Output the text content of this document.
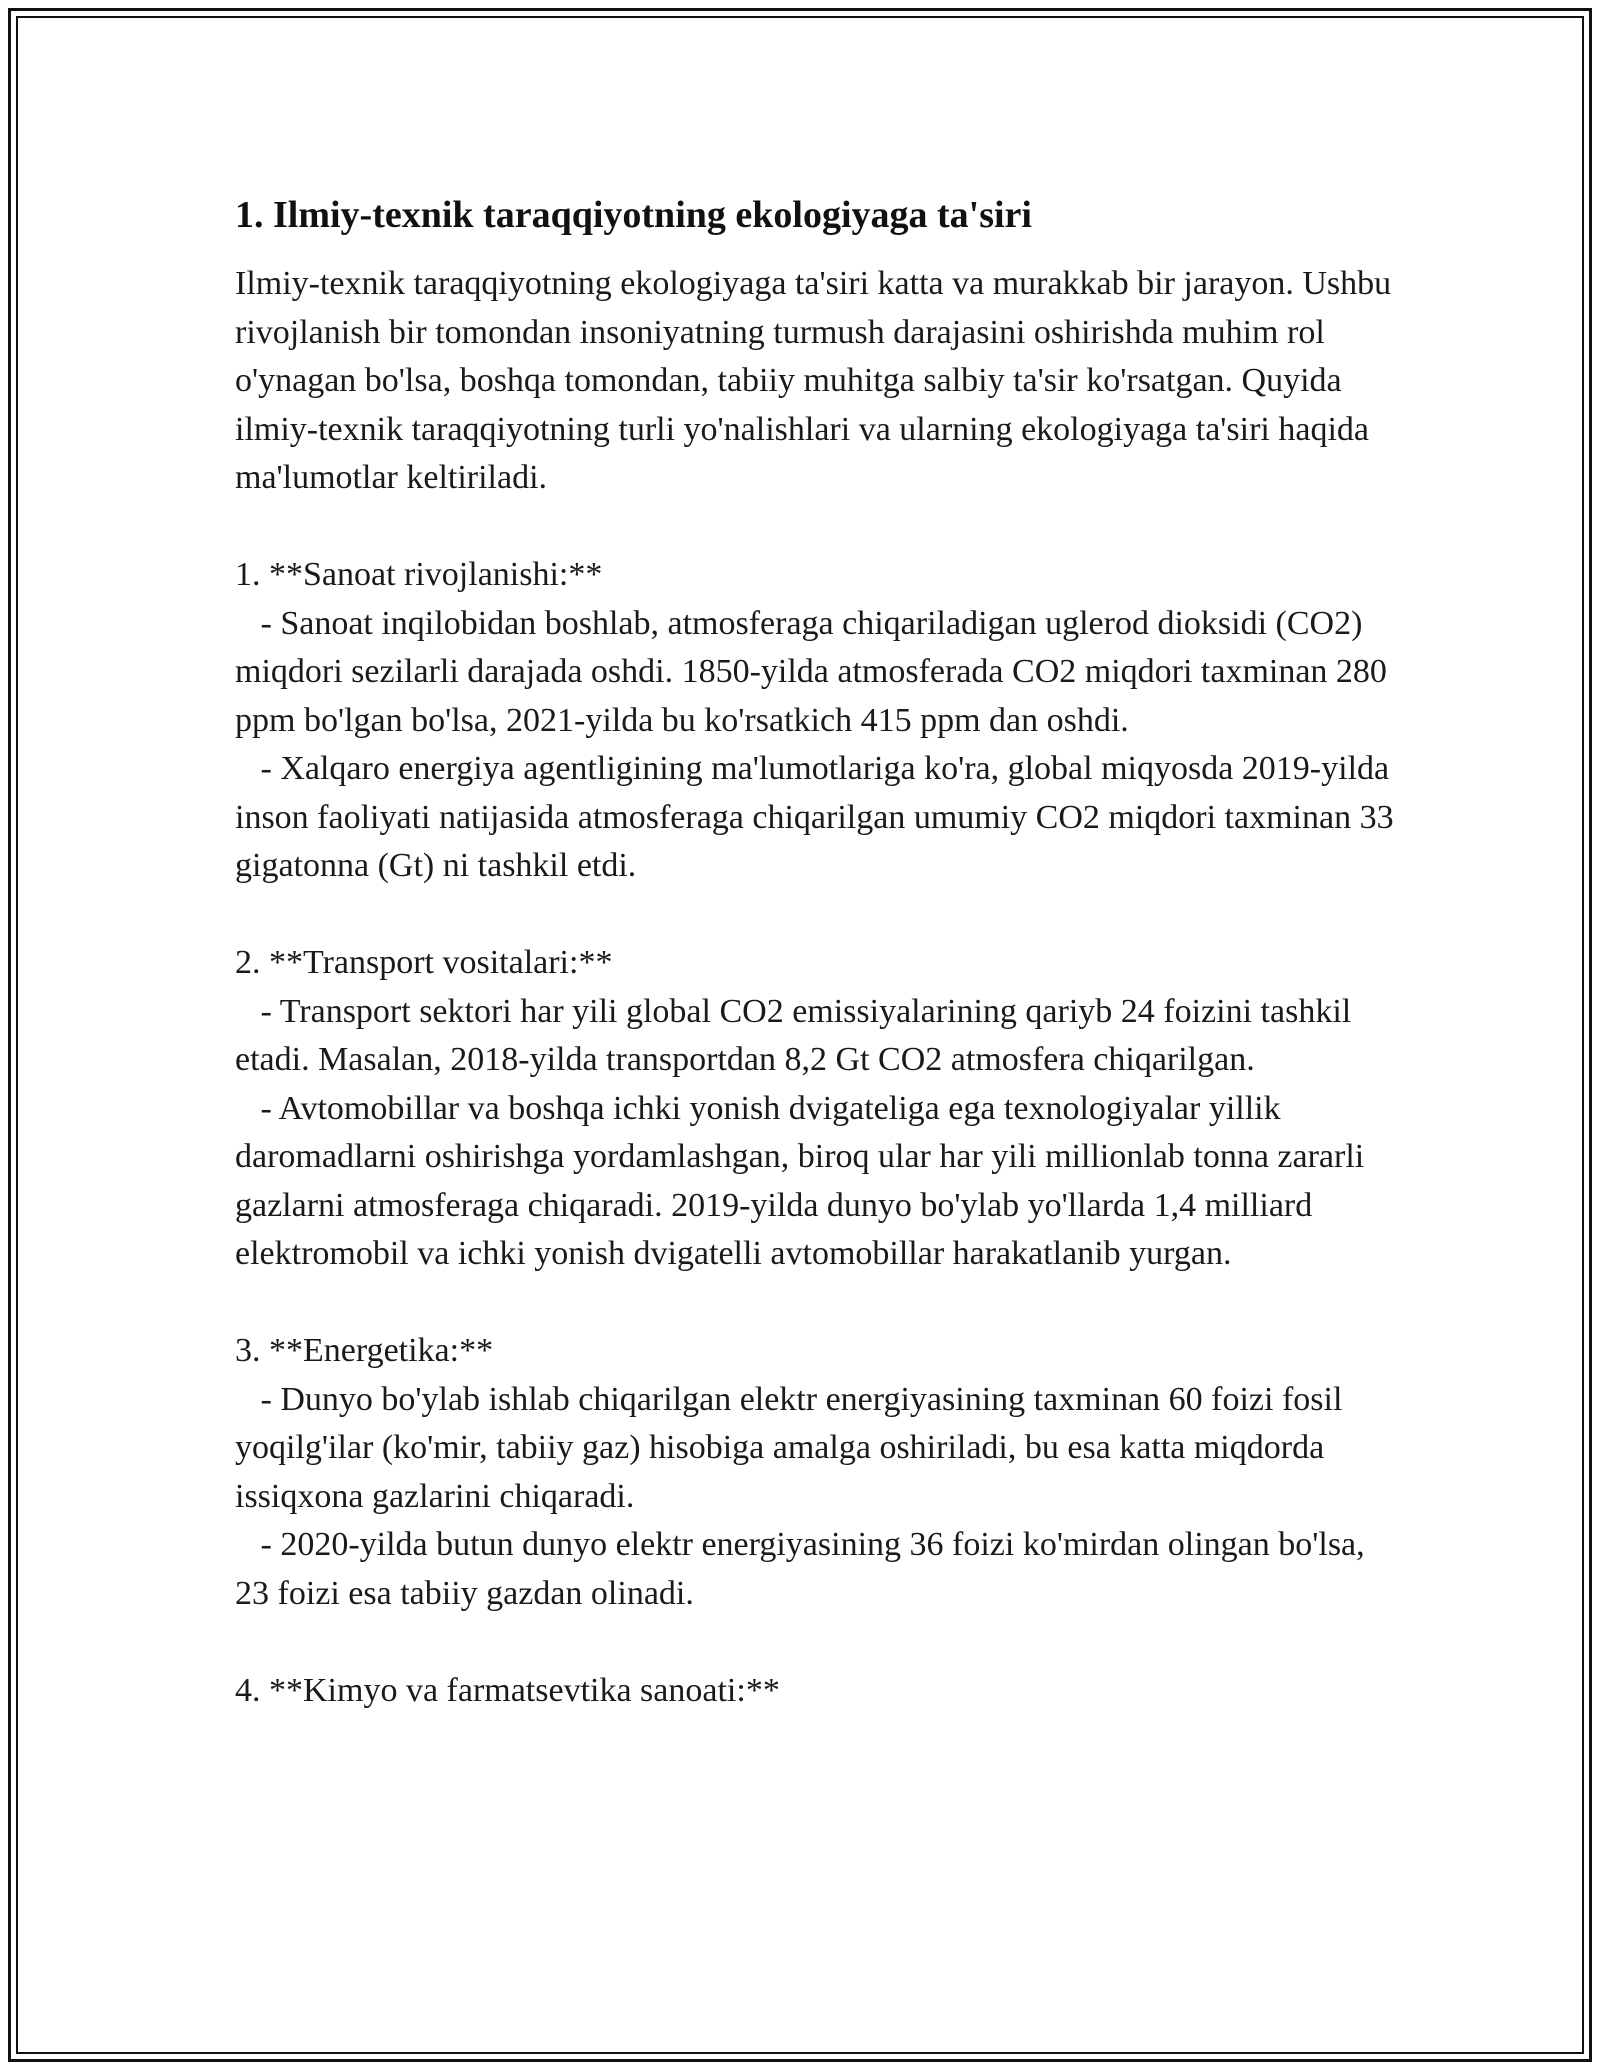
1. Ilmiy-texnik taraqqiyotning ekologiyaga ta'siri

Ilmiy-texnik taraqqiyotning ekologiyaga ta'siri katta va murakkab bir jarayon. Ushbu rivojlanish bir tomondan insoniyatning turmush darajasini oshirishda muhim rol o'ynagan bo'lsa, boshqa tomondan, tabiiy muhitga salbiy ta'sir ko'rsatgan. Quyida ilmiy-texnik taraqqiyotning turli yo'nalishlari va ularning ekologiyaga ta'siri haqida ma'lumotlar keltiriladi.

1. **Sanoat rivojlanishi:**

- Sanoat inqilobidan boshlab, atmosferaga chiqariladigan uglerod dioksidi (CO2) miqdori sezilarli darajada oshdi. 1850-yilda atmosferada CO2 miqdori taxminan 280 ppm bo'lgan bo'lsa, 2021-yilda bu ko'rsatkich 415 ppm dan oshdi.

- Xalqaro energiya agentligining ma'lumotlariga ko'ra, global miqyosda 2019-yilda inson faoliyati natijasida atmosferaga chiqarilgan umumiy CO2 miqdori taxminan 33 gigatonna (Gt) ni tashkil etdi.

2. **Transport vositalari:**

- Transport sektori har yili global CO2 emissiyalarining qariyb 24 foizini tashkil etadi. Masalan, 2018-yilda transportdan 8,2 Gt CO2 atmosfera chiqarilgan.

- Avtomobillar va boshqa ichki yonish dvigateliga ega texnologiyalar yillik daromadlarni oshirishga yordamlashgan, biroq ular har yili millionlab tonna zararli gazlarni atmosferaga chiqaradi. 2019-yilda dunyo bo'ylab yo'llarda 1,4 milliard elektromobil va ichki yonish dvigatelli avtomobillar harakatlanib yurgan.

3. **Energetika:**

- Dunyo bo'ylab ishlab chiqarilgan elektr energiyasining taxminan 60 foizi fosil yoqilg'ilar (ko'mir, tabiiy gaz) hisobiga amalga oshiriladi, bu esa katta miqdorda issiqxona gazlarini chiqaradi.

- 2020-yilda butun dunyo elektr energiyasining 36 foizi ko'mirdan olingan bo'lsa, 23 foizi esa tabiiy gazdan olinadi.

4. **Kimyo va farmatsevtika sanoati:**
